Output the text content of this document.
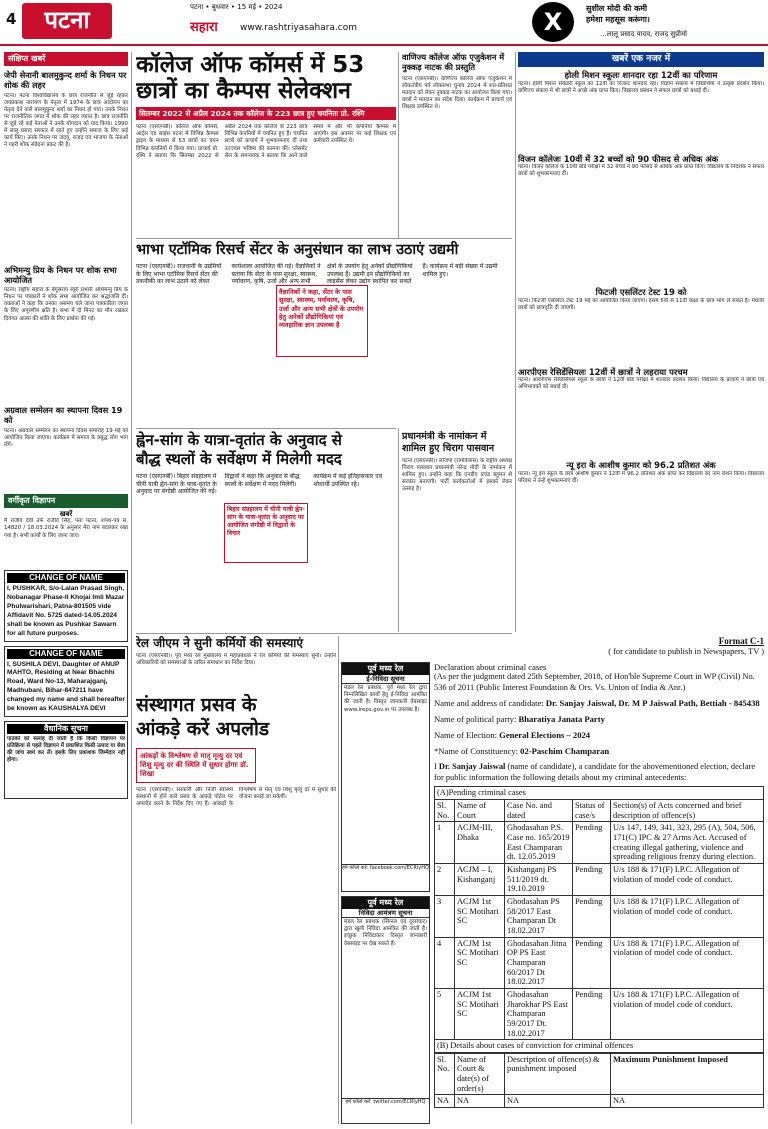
4	पटना	पटना • बुधवार • 15 मई • 2024
सहारा www.rashtriyasahara.com	X	सुशील मोदी की कमी
हमेशा महसूस करूंगा।
...लालू प्रसाद यादव, राजद सुप्रीमो
संक्षिप्त खबरें
जेपी सेनानी बालमुकुन्द शर्मा के निधन पर शोक की लहर
पटना। पटना विश्वविद्यालय के छात्र राजनीति से जुड़े रहकर जयप्रकाश नारायण के नेतृत्व में 1974 के छात्र आंदोलन का नेतृत्व देने वाले बालमुकुन्द शर्मा का निधन हो गया। उनके निधन पर राजनीतिक जगत में शोक की लहर व्याप्त है। छात्र राजनीति से जुड़े रहे कई नेताओं ने उनके योगदान को याद किया। 1990 में लालू प्रसाद सरकार में रहते हुए उन्होंने समाज के लिए कई कार्य किए। उनके निधन पर जदयू, राजद एवं भाजपा के नेताओं ने गहरी शोक संवेदना प्रकट की है।
अभिमन्यु प्रिय के निधन पर शोक सभा आयोजित
पटना। राष्ट्रीय सहारा के बेगूसराय ब्यूरो प्रभारी अभिमन्यु प्रिय के निधन पर पत्रकारों ने शोक सभा आयोजित कर श्रद्धांजलि दी। वक्ताओं ने कहा कि उनका असमय चले जाना पत्रकारिता जगत के लिए अपूरणीय क्षति है। सभा में दो मिनट का मौन रखकर दिवंगत आत्मा की शांति के लिए प्रार्थना की गई।
अग्रवाल सम्मेलन का स्थापना दिवस 19 को
पटना। अग्रवाल सम्मेलन का स्थापना दिवस समारोह 19 मई को आयोजित किया जाएगा। कार्यक्रम में समाज के प्रबुद्ध लोग भाग लेंगे।
वर्गीकृत विज्ञापन
खबरें
मैं राजीव देवी उर्फ राजीव सिंह, पता पटना, शपथ-पत्र सं. 14820 / 18.03.2024 के अनुसार मेरा नाम बदलकर रखा गया है। सभी कार्यों के लिए जाना जाए।
CHANGE OF NAME
I, PUSHKAR, S/o-Lalan Prasad Singh, Nobanagar Phase-II Khojai Imli Mazar Phulwarishari, Patna-801505 vide Affidavit No. 5725 dated-14.05.2024 shall be known as Pushkar Sawarn for all future purposes.
CHANGE OF NAME
I, SUSHILA DEVI, Daughter of ANUP MAHTO, Residing at Near Bhachhi Road, Ward No-13, Maharajganj, Madhubani, Bihar-847211 have changed my name and shall hereafter be known as KAUSHALYA DEVI
वैधानिक सूचना
पाठकों को सलाह दी जाती है कि किसी विज्ञापन पर प्रतिक्रिया से पहले विज्ञापन में प्रकाशित किसी उत्पाद या सेवा की जांच स्वयं कर लें। इसके लिए प्रकाशक जिम्मेदार नहीं होगा।
कॉलेज ऑफ कॉमर्स में 53
छात्रों का कैम्पस सेलेक्शन
सितम्बर 2022 से अप्रैल 2024 तक कॉलेज के 223 छात्र हुए चयनितः प्रो. रश्मि
पटना (एसएनबी)। कॉलेज ऑफ कॉमर्स, आर्ट्स एंड साइंस पटना में विभिन्न कैम्पस ड्राइव के माध्यम से 53 छात्रों का चयन विभिन्न कंपनियों में किया गया। प्राचार्य प्रो. रश्मि ने बताया कि सितम्बर 2022 से अप्रैल 2024 तक कॉलेज के 223 छात्र विभिन्न कंपनियों में चयनित हुए हैं। चयनित छात्रों को प्राचार्य ने शुभकामनाएं दीं तथा उज्ज्वल भविष्य की कामना की। प्लेसमेंट सेल के समन्वयक ने बताया कि आने वाले समय में और भी कंपनियां कैम्पस में आएंगी। इस अवसर पर कई शिक्षक एवं कर्मचारी उपस्थित थे।
वाणिज्य कॉलेज ऑफ एजुकेशन में नुक्कड़ नाटक की प्रस्तुति
पटना (एसएनबी)। वाणिज्य कॉलेज ऑफ एजुकेशन में लोकतंत्रीय पर्व लोकसभा चुनाव 2024 में शत-प्रतिशत मतदान को लेकर नुक्कड़ नाटक का आयोजन किया गया। छात्रों ने मतदान का संदेश दिया। कार्यक्रम में प्राचार्य एवं शिक्षक उपस्थित थे।
भाभा एटॉमिक रिसर्च सेंटर के अनुसंधान का लाभ उठाएं उद्यमी
पटना (एसएनबी)। राजधानी के उद्यमियों के लिए भाभा एटॉमिक रिसर्च सेंटर की तकनीकी का लाभ उठाने को लेकर कार्यशाला आयोजित की गई। वैज्ञानिकों ने बताया कि सेंटर के पास सुरक्षा, स्वास्थ्य, पर्यावरण, कृषि, उर्जा और अन्य सभी क्षेत्रों के उपयोग हेतु अनेकों प्रौद्योगिकियां उपलब्ध हैं। उद्यमी इन प्रौद्योगिकियों का लाइसेंस लेकर उद्योग स्थापित कर सकते हैं। कार्यक्रम में बड़ी संख्या में उद्यमी शामिल हुए।
वैज्ञानिकों ने कहा, सेंटर के पास सुरक्षा, स्वास्थ्य, पर्यावरण, कृषि, उर्जा और अन्य सभी क्षेत्रों के उपयोग हेतु अनेकों प्रौद्योगिकियां एवं व्यवहारिक ज्ञान उपलब्ध है
ह्वेन-सांग के यात्रा-वृतांत के अनुवाद से
बौद्ध स्थलों के सर्वेक्षण में मिलेगी मदद
पटना (एसएनबी)। बिहार संग्रहालय में चीनी यात्री ह्वेन-सांग के यात्रा-वृतांत के अनुवाद पर संगोष्ठी आयोजित की गई। विद्वानों ने कहा कि अनुवाद से बौद्ध स्थलों के सर्वेक्षण में मदद मिलेगी। कार्यक्रम में कई इतिहासकार एवं शोधार्थी उपस्थित रहे।
बिहार संग्रहालय में चीनी यात्री ह्वेन-सांग के यात्रा-वृतांत के अनुवाद पर आयोजित संगोष्ठी में विद्वानों के विचार
प्रधानमंत्री के नामांकन में
शामिल हुए चिराग पासवान
पटना (एसएनबी)। लोजपा (रामविलास) के राष्ट्रीय अध्यक्ष चिराग पासवान प्रधानमंत्री नरेन्द्र मोदी के नामांकन में शामिल हुए। उन्होंने कहा कि एनडीए प्रचंड बहुमत से सरकार बनाएगी। पार्टी कार्यकर्ताओं में इसको लेकर उत्साह है।
रेल जीएम ने सुनी कर्मियों की समस्याएं
पटना (एसएनबी)। पूर्व मध्य रेल मुख्यालय में महाप्रबंधक ने रेल कर्मियों की समस्याएं सुनीं। उन्होंने अधिकारियों को समस्याओं के त्वरित समाधान का निर्देश दिया।
संस्थागत प्रसव के
आंकड़े करें अपलोड
आंकड़ों के विश्लेषण से मातृ मृत्यु दर एवं शिशु मृत्यु दर की स्थिति में सुधार होगाः डॉ. शिखा
पटना (एसएनबी)। सरकारी और निजी स्वास्थ्य संस्थानों में होने वाले प्रसव के आंकड़े पोर्टल पर अपलोड करने के निर्देश दिए गए हैं। आंकड़ों के विश्लेषण से मातृ एवं शिशु मृत्यु दर में सुधार की योजना बनाई जा सकेगी।
पूर्व मध्य रेल
ई-निविदा सूचना
मंडल रेल प्रबंधक, पूर्व मध्य रेल द्वारा निम्नलिखित कार्यों हेतु ई-निविदा आमंत्रित की जाती है। विस्तृत जानकारी वेबसाइट www.ireps.gov.in पर उपलब्ध है।
हमें फॉलो करें: facebook.com/ECRlyHQ
पूर्व मध्य रेल
निविदा आमंत्रण सूचना
मंडल रेल प्रबंधक (सिग्नल एवं दूरसंचार) द्वारा खुली निविदा आमंत्रित की जाती है। इच्छुक निविदाकार विस्तृत जानकारी वेबसाइट पर देख सकते हैं।
हमें फॉलो करें: twitter.com/ECRlyHQ
खबरें एक नजर में
होली मिशन स्कूलः शानदार रहा 12वीं का परिणाम
पटना। होली मिशन सेकेंडरी स्कूल का 12वीं का रिजल्ट शानदार रहा। विज्ञान संकाय में विद्यार्थियों ने उत्कृष्ट प्रदर्शन किया। वाणिज्य संकाय में भी छात्रों ने अच्छे अंक प्राप्त किए। विद्यालय प्रबंधन ने सफल छात्रों को बधाई दी।
विजन कॉलेजः 10वीं में 32 बच्चों को 90 फीसद से अधिक अंक
पटना। विजन कॉलेज के 10वीं बोर्ड परीक्षा में 32 बच्चों ने 90 फीसद से अधिक अंक प्राप्त किए। विद्यालय के निदेशक ने सफल छात्रों को शुभकामनाएं दीं।
फिटजी एसलिंटर टेस्ट 19 को
पटना। फिटजी एसलिंटर टेस्ट 19 मई को आयोजित किया जाएगा। इसमें 5वीं से 11वीं कक्षा के छात्र भाग ले सकते हैं। मेधावी छात्रों को छात्रवृत्ति दी जाएगी।
आरपीएस रेसिडेंसियलः 12वीं में छात्रों ने लहराया परचम
पटना। आरपीएस रेसिडेंसियल स्कूल के छात्रों ने 12वीं बोर्ड परीक्षा में शानदार प्रदर्शन किया। विद्यालय के प्राचार्य ने छात्रों एवं अभिभावकों को बधाई दी।
न्यू इरा के आशीष कुमार को 96.2 प्रतिशत अंक
पटना। न्यू इरा स्कूल के छात्र आशीष कुमार ने 12वीं में 96.2 प्रतिशत अंक प्राप्त कर विद्यालय का नाम रोशन किया। विद्यालय परिवार ने उन्हें शुभकामनाएं दीं।
Format C-1
( for candidate to publish in Newspapers, TV )
Declaration about criminal cases
(As per the judgment dated 25th September, 2018, of Hon'ble Supreme Court in WP (Civil) No. 536 of 2011 (Public Interest Foundation & Ors. Vs. Union of India & Anr.)
Name and address of candidate: Dr. Sanjay Jaiswal, Dr. M P Jaiswal Path, Bettiah - 845438
Name of political party: Bharatiya Janata Party
Name of Election: General Elections – 2024
*Name of Constituency: 02-Paschim Champaran
I Dr. Sanjay Jaiswal (name of candidate), a candidate for the abovementioned election, declare for public information the following details about my criminal antecedents:
(A)Pending criminal cases				
Sl. No.	Name of Court	Case No. and dated	Status of case/s	Section(s) of Acts concerned and brief description of offence(s)
1	ACJM-III, Dhaka	Ghodasahan P.S. Case no. 165/2019 East Champaran dt. 12.05.2019	Pending	U/s 147, 149, 341, 323, 295 (A), 504, 506, 171(C) IPC & 27 Arms Act. Accused of creating illegal gathering, violence and spreading religious frenzy during election.
2	ACJM – I, Kishanganj	Kishanganj PS 511/2019 dt. 19.10.2019	Pending	U/s 188 & 171(F) I.P.C. Allegation of violation of model code of conduct.
3	ACJM 1st SC Motihari SC	Ghodasahan PS 58/2017 East Champaran Dt 18.02.2017	Pending	U/s 188 & 171(F) I.P.C. Allegation of violation of model code of conduct.
4	ACJM 1st SC Motihari SC	Ghodasahan Jitna OP PS East Champaran 60/2017 Dt 18.02.2017	Pending	U/s 188 & 171(F) I.P.C. Allegation of violation of model code of conduct.
5	ACJM 1st SC Motihari SC	Ghodasahan Jharokhar PS East Champaran 59/2017 Dt. 18.02.2017	Pending	U/s 188 & 171(F) I.P.C. Allegation of violation of model code of conduct.
(B) Details about cases of conviction for criminal offences				
Sl. No.	Name of Court & date(s) of order(s)	Description of offence(s) & punishment imposed	Maximum Punishment Imposed
NA	NA	NA	NA
